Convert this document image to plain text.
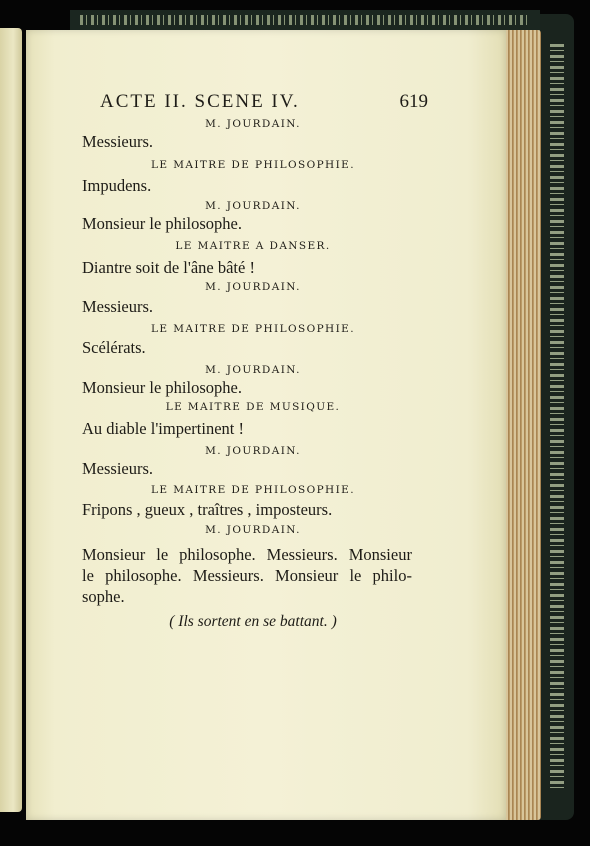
ACTE II. SCENE IV.	619
M. JOURDAIN.
Messieurs.
LE MAITRE DE PHILOSOPHIE.
Impudens.
M. JOURDAIN.
Monsieur le philosophe.
LE MAITRE A DANSER.
Diantre soit de l'âne bâté !
M. JOURDAIN.
Messieurs.
LE MAITRE DE PHILOSOPHIE.
Scélérats.
M. JOURDAIN.
Monsieur le philosophe.
LE MAITRE DE MUSIQUE.
Au diable l'impertinent !
M. JOURDAIN.
Messieurs.
LE MAITRE DE PHILOSOPHIE.
Fripons , gueux , traîtres , imposteurs.
M. JOURDAIN.
Monsieur le philosophe. Messieurs. Monsieur
le philosophe. Messieurs. Monsieur le philo-
sophe.
( Ils sortent en se battant. )
